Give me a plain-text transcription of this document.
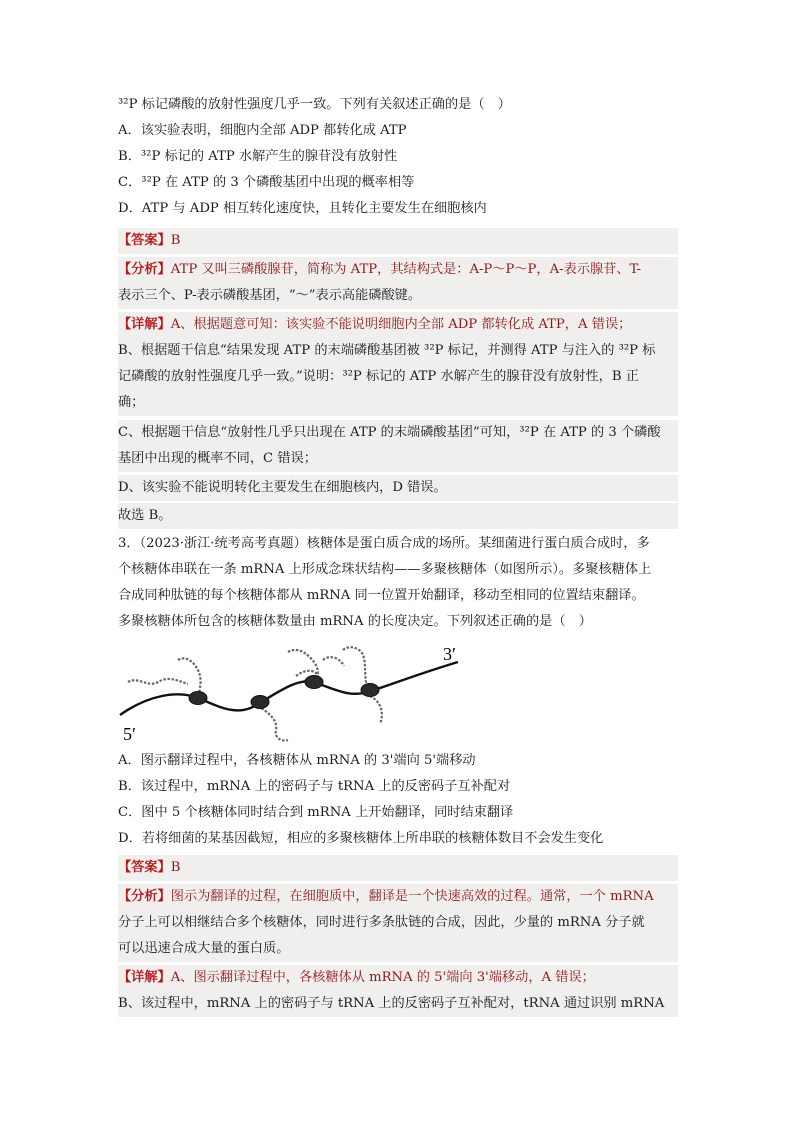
³²P 标记磷酸的放射性强度几乎一致。下列有关叙述正确的是（　）
A．该实验表明，细胞内全部 ADP 都转化成 ATP
B．³²P 标记的 ATP 水解产生的腺苷没有放射性
C．³²P 在 ATP 的 3 个磷酸基团中出现的概率相等
D．ATP 与 ADP 相互转化速度快，且转化主要发生在细胞核内
【答案】B
【分析】ATP 又叫三磷酸腺苷，简称为 ATP，其结构式是：A-P～P～P，A-表示腺苷、T-
表示三个、P-表示磷酸基团，“～”表示高能磷酸键。
【详解】A、根据题意可知：该实验不能说明细胞内全部 ADP 都转化成 ATP，A 错误；
B、根据题干信息“结果发现 ATP 的末端磷酸基团被 ³²P 标记，并测得 ATP 与注入的 ³²P 标
记磷酸的放射性强度几乎一致。”说明：³²P 标记的 ATP 水解产生的腺苷没有放射性，B 正
确；
C、根据题干信息“放射性几乎只出现在 ATP 的末端磷酸基团”可知，³²P 在 ATP 的 3 个磷酸
基团中出现的概率不同，C 错误；
D、该实验不能说明转化主要发生在细胞核内，D 错误。
故选 B。
3．（2023·浙江·统考高考真题）核糖体是蛋白质合成的场所。某细菌进行蛋白质合成时，多
个核糖体串联在一条 mRNA 上形成念珠状结构——多聚核糖体（如图所示）。多聚核糖体上
合成同种肽链的每个核糖体都从 mRNA 同一位置开始翻译，移动至相同的位置结束翻译。
多聚核糖体所包含的核糖体数量由 mRNA 的长度决定。下列叙述正确的是（　）
3′
5′
A．图示翻译过程中，各核糖体从 mRNA 的 3'端向 5'端移动
B．该过程中，mRNA 上的密码子与 tRNA 上的反密码子互补配对
C．图中 5 个核糖体同时结合到 mRNA 上开始翻译，同时结束翻译
D．若将细菌的某基因截短，相应的多聚核糖体上所串联的核糖体数目不会发生变化
【答案】B
【分析】图示为翻译的过程，在细胞质中，翻译是一个快速高效的过程。通常，一个 mRNA
分子上可以相继结合多个核糖体，同时进行多条肽链的合成，因此，少量的 mRNA 分子就
可以迅速合成大量的蛋白质。
【详解】A、图示翻译过程中，各核糖体从 mRNA 的 5'端向 3'端移动，A 错误；
B、该过程中，mRNA 上的密码子与 tRNA 上的反密码子互补配对，tRNA 通过识别 mRNA
